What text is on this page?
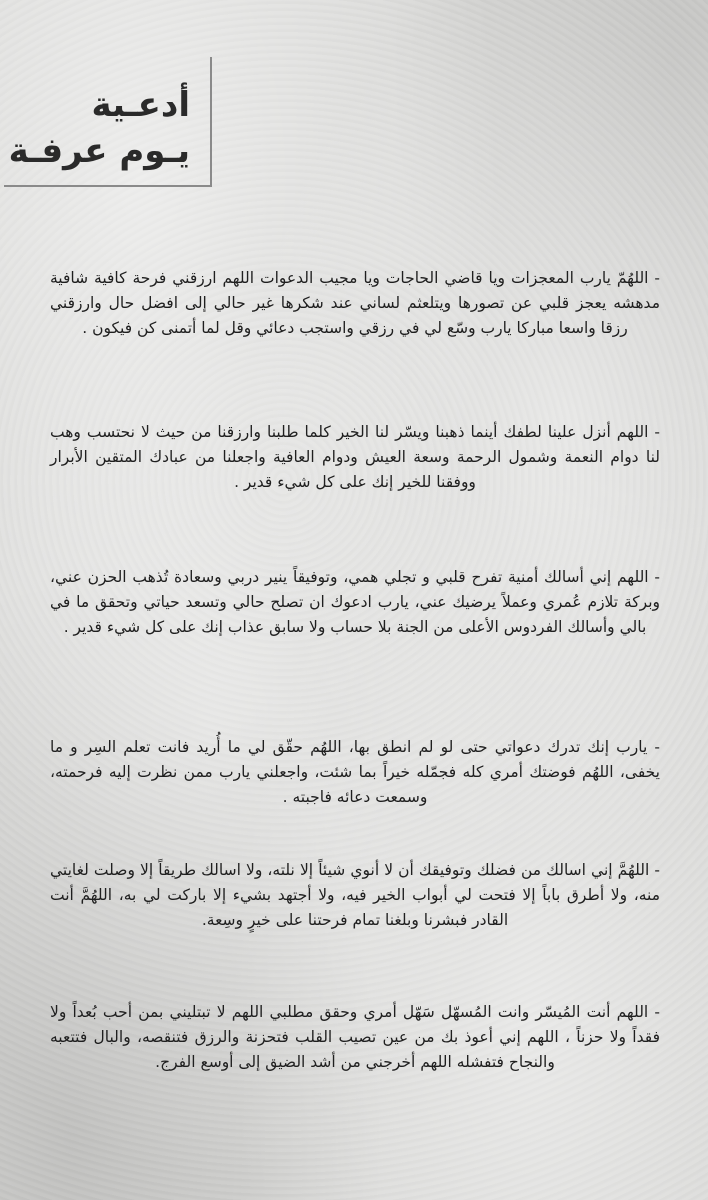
أدعـية
يـوم عرفـة

- اللهُمّ يارب المعجزات ويا قاضي الحاجات ويا مجيب الدعوات اللهم ارزقني فرحة كافية شافية مدهشه يعجز قلبي عن تصورها ويتلعثم لساني عند شكرها غير حالي إلى افضل حال وارزقني رزقا واسعا مباركا يارب وسّع لي في رزقي واستجب دعائي وقل لما أتمنى كن فيكون .

- اللهم أنزل علينا لطفك أينما ذهبنا ويسّر لنا الخير كلما طلبنا وارزقنا من حيث لا نحتسب وهب لنا دوام النعمة وشمول الرحمة وسعة العيش ودوام العافية واجعلنا من عبادك المتقين الأبرار ووفقنا للخير إنك على كل شيء قدير .

- اللهم إني أسالك أمنية تفرح قلبي و تجلي همي، وتوفيقاً ينير دربي وسعادة تُذهب الحزن عني، وبركة تلازم عُمري وعملاً يرضيك عني، يارب ادعوك ان تصلح حالي وتسعد حياتي وتحقق ما في بالي وأسالك الفردوس الأعلى من الجنة بلا حساب ولا سابق عذاب إنك على كل شيء قدير .

- يارب إنك تدرك دعواتي حتى لو لم انطق بها، اللهُم حقّق لي ما أُريد فانت تعلم السِر و ما يخفى، اللهُم فوضتك أمري كله فجمّله خيراً بما شئت، واجعلني يارب ممن نظرت إليه فرحمته، وسمعت دعائه فاجبته .

- اللهُمَّ إني اسالك من فضلك وتوفيقك أن لا أنوي شيئاً إلا نلته، ولا اسالك طريقاً إلا وصلت لغايتي منه، ولا أطرق باباً إلا فتحت لي أبواب الخير فيه، ولا أجتهد بشيء إلا باركت لي به، اللهُمَّ أنت القادر فبشرنا وبلغنا تمام فرحتنا على خيرٍ وسِعة.

- اللهم أنت المُيسّر وانت المُسهّل سَهّل أمري وحقق مطلبي اللهم لا تبتليني بمن أحب بُعداً ولا فقداً ولا حزناً ، اللهم إني أعوذ بك من عين تصيب القلب فتحزنة والرزق فتنقصه، والبال فتتعبه والنجاح فتفشله اللهم أخرجني من أشد الضيق إلى أوسع الفرج.
